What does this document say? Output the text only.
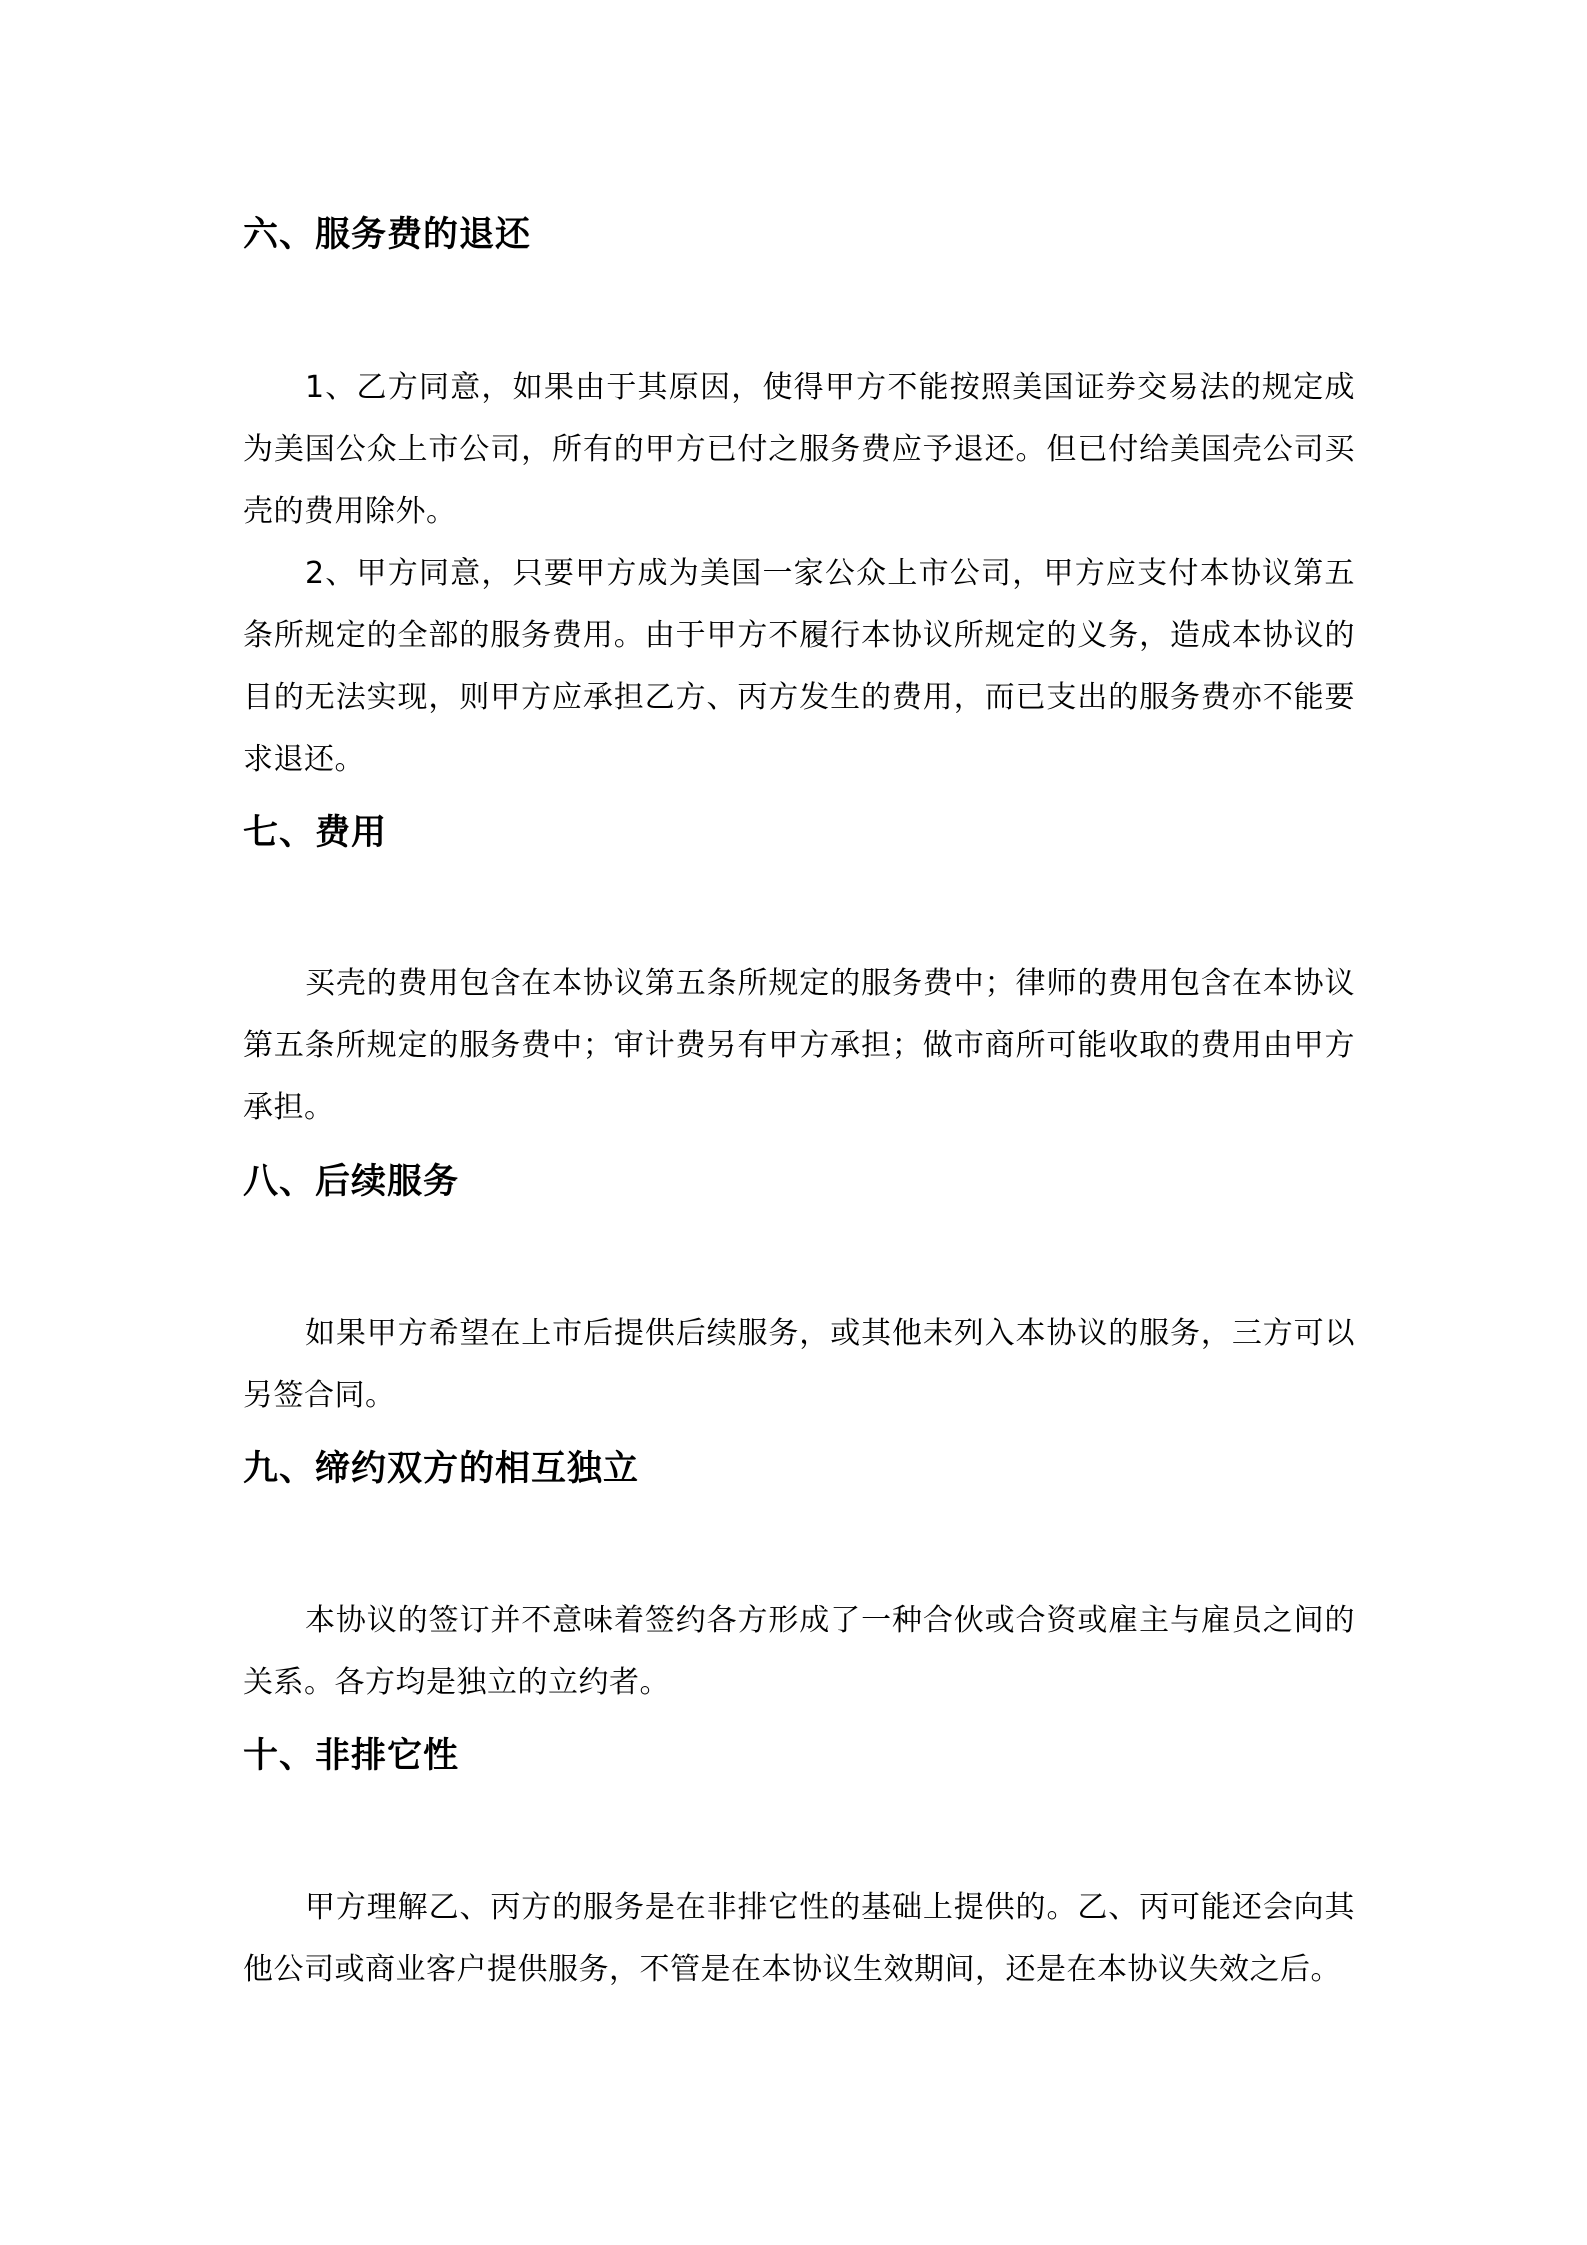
六、服务费的退还

1、乙方同意，如果由于其原因，使得甲方不能按照美国证券交易法的规定成为美国公众上市公司，所有的甲方已付之服务费应予退还。但已付给美国壳公司买壳的费用除外。

2、甲方同意，只要甲方成为美国一家公众上市公司，甲方应支付本协议第五条所规定的全部的服务费用。由于甲方不履行本协议所规定的义务，造成本协议的目的无法实现，则甲方应承担乙方、丙方发生的费用，而已支出的服务费亦不能要求退还。

七、费用

买壳的费用包含在本协议第五条所规定的服务费中；律师的费用包含在本协议第五条所规定的服务费中；审计费另有甲方承担；做市商所可能收取的费用由甲方承担。

八、后续服务

如果甲方希望在上市后提供后续服务，或其他未列入本协议的服务，三方可以另签合同。

九、缔约双方的相互独立

本协议的签订并不意味着签约各方形成了一种合伙或合资或雇主与雇员之间的关系。各方均是独立的立约者。

十、非排它性

甲方理解乙、丙方的服务是在非排它性的基础上提供的。乙、丙可能还会向其他公司或商业客户提供服务，不管是在本协议生效期间，还是在本协议失效之后。
